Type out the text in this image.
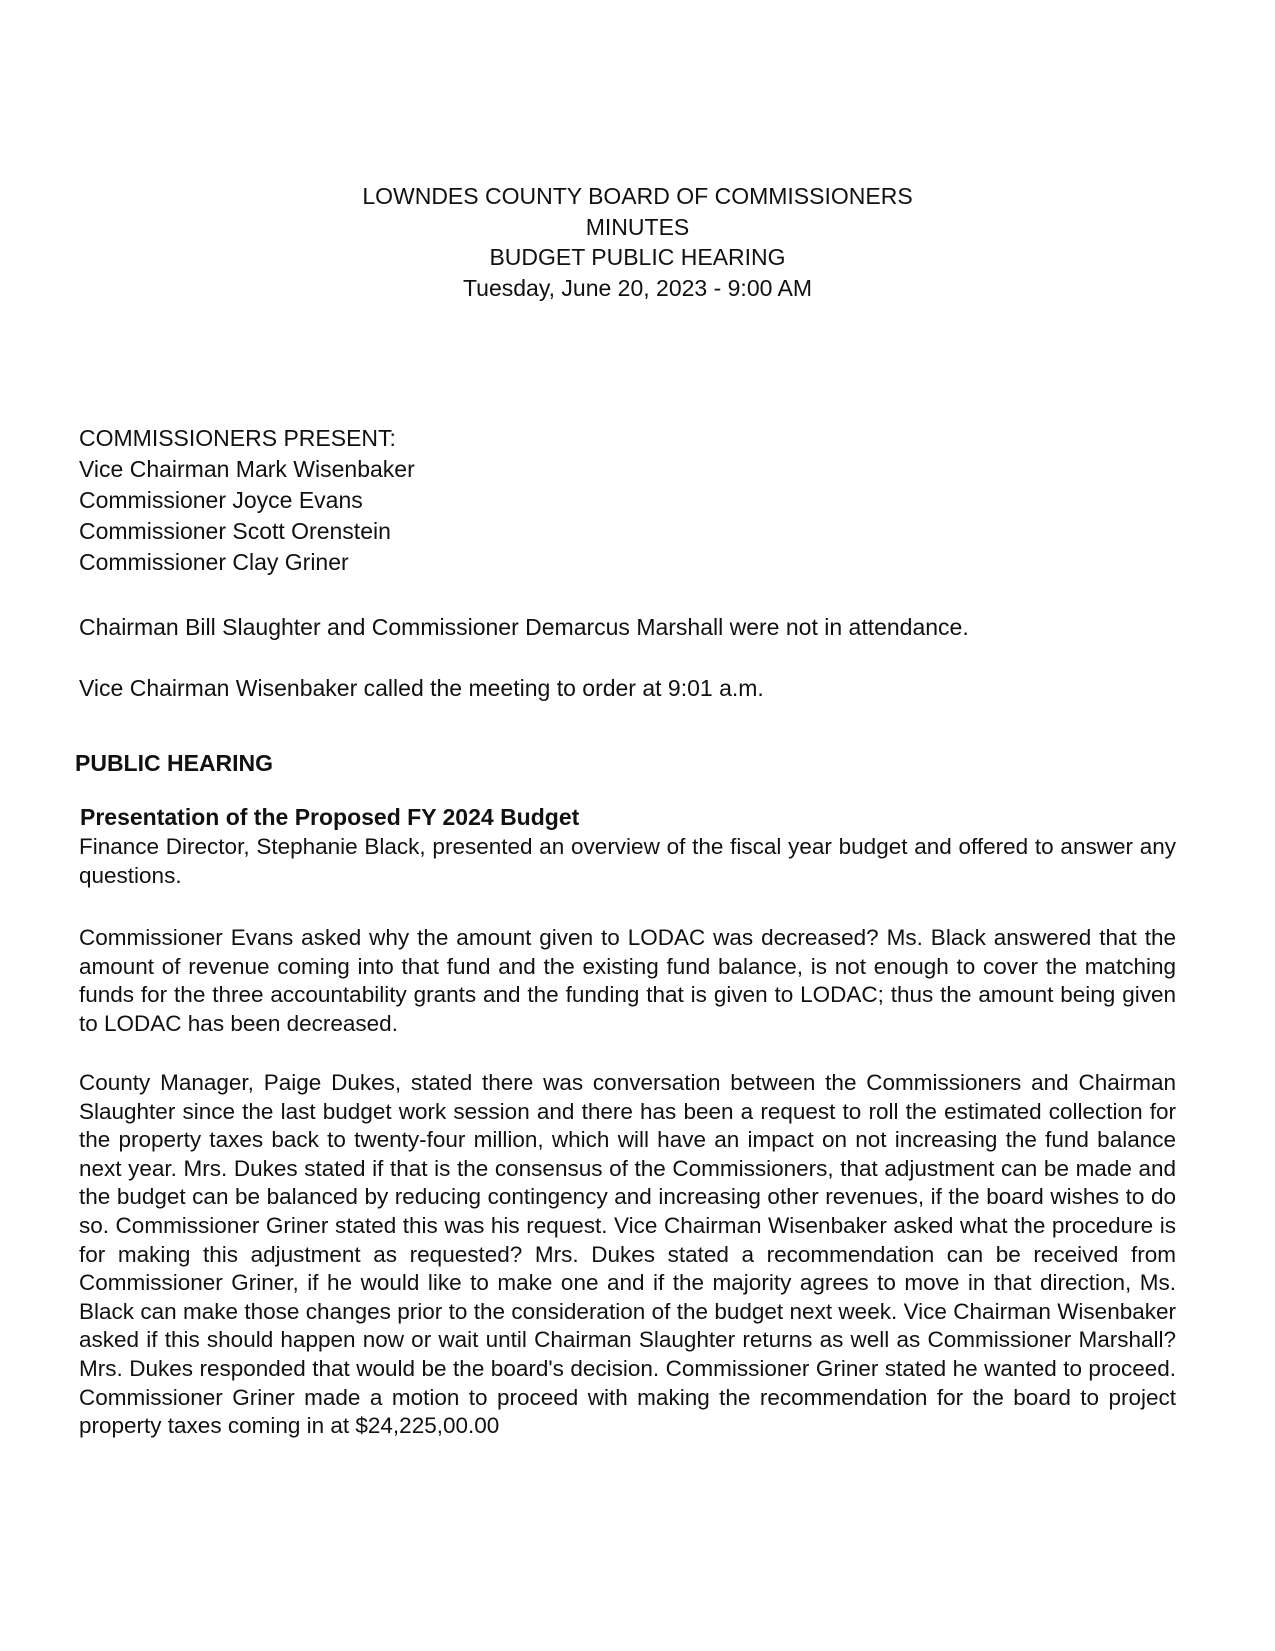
LOWNDES COUNTY BOARD OF COMMISSIONERS
MINUTES
BUDGET PUBLIC HEARING
Tuesday, June 20, 2023 - 9:00 AM
COMMISSIONERS PRESENT:
Vice Chairman Mark Wisenbaker
Commissioner Joyce Evans
Commissioner Scott Orenstein
Commissioner Clay Griner
Chairman Bill Slaughter and Commissioner Demarcus Marshall were not in attendance.
Vice Chairman Wisenbaker called the meeting to order at 9:01 a.m.
PUBLIC HEARING
Presentation of the Proposed FY 2024 Budget
Finance Director, Stephanie Black, presented an overview of the fiscal year budget and offered to answer any questions.
Commissioner Evans asked why the amount given to LODAC was decreased? Ms. Black answered that the amount of revenue coming into that fund and the existing fund balance, is not enough to cover the matching funds for the three accountability grants and the funding that is given to LODAC; thus the amount being given to LODAC has been decreased.
County Manager, Paige Dukes, stated there was conversation between the Commissioners and Chairman Slaughter since the last budget work session and there has been a request to roll the estimated collection for the property taxes back to twenty-four million, which will have an impact on not increasing the fund balance next year. Mrs. Dukes stated if that is the consensus of the Commissioners, that adjustment can be made and the budget can be balanced by reducing contingency and increasing other revenues, if the board wishes to do so. Commissioner Griner stated this was his request. Vice Chairman Wisenbaker asked what the procedure is for making this adjustment as requested? Mrs. Dukes stated a recommendation can be received from Commissioner Griner, if he would like to make one and if the majority agrees to move in that direction, Ms. Black can make those changes prior to the consideration of the budget next week. Vice Chairman Wisenbaker asked if this should happen now or wait until Chairman Slaughter returns as well as Commissioner Marshall? Mrs. Dukes responded that would be the board's decision. Commissioner Griner stated he wanted to proceed. Commissioner Griner made a motion to proceed with making the recommendation for the board to project property taxes coming in at $24,225,00.00
